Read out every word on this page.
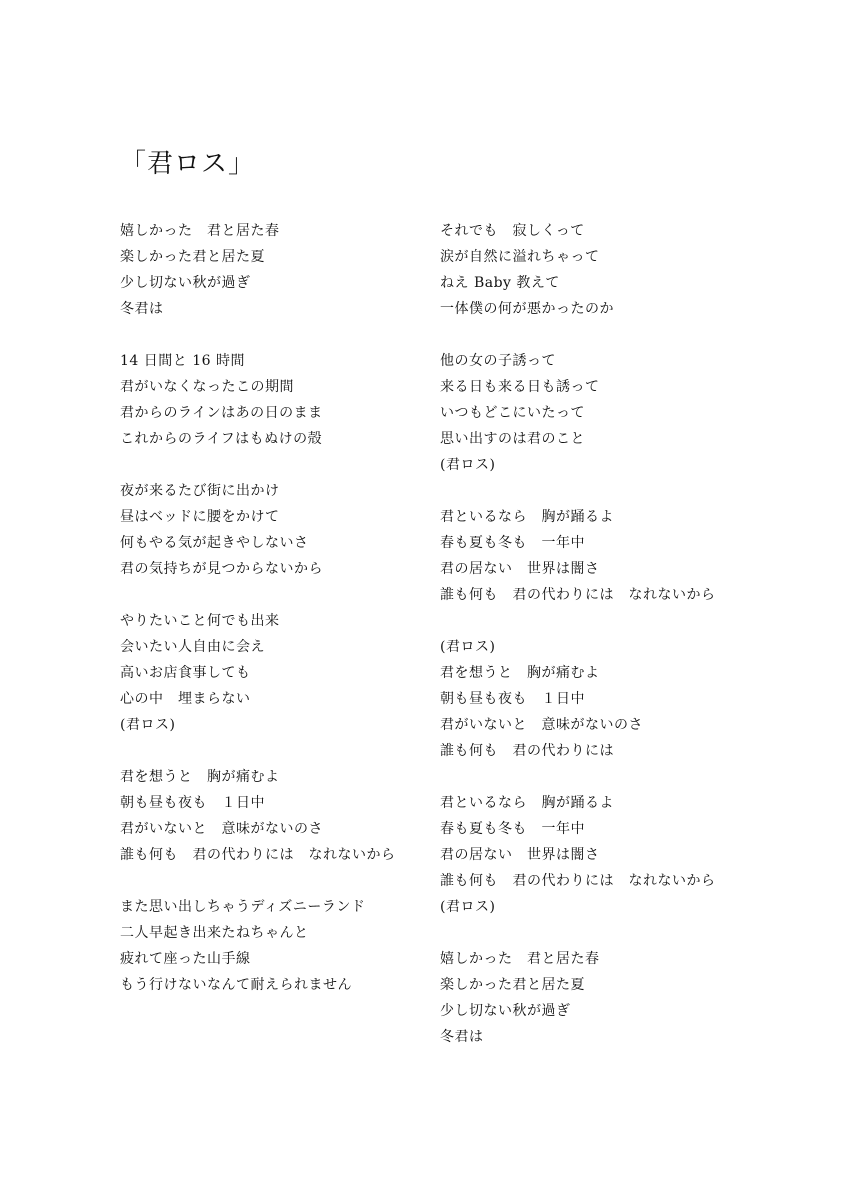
「君ロス」
嬉しかった　君と居た春
楽しかった君と居た夏
少し切ない秋が過ぎ
冬君は
14 日間と 16 時間
君がいなくなったこの期間
君からのラインはあの日のまま
これからのライフはもぬけの殻
夜が来るたび街に出かけ
昼はベッドに腰をかけて
何もやる気が起きやしないさ
君の気持ちが見つからないから
やりたいこと何でも出来
会いたい人自由に会え
高いお店食事しても
心の中　埋まらない
(君ロス)
君を想うと　胸が痛むよ
朝も昼も夜も　１日中
君がいないと　意味がないのさ
誰も何も　君の代わりには　なれないから
また思い出しちゃうディズニーランド
二人早起き出来たねちゃんと
疲れて座った山手線
もう行けないなんて耐えられません
それでも　寂しくって
涙が自然に溢れちゃって
ねえ Baby 教えて
一体僕の何が悪かったのか
他の女の子誘って
来る日も来る日も誘って
いつもどこにいたって
思い出すのは君のこと
(君ロス)
君といるなら　胸が踊るよ
春も夏も冬も　一年中
君の居ない　世界は闇さ
誰も何も　君の代わりには　なれないから
(君ロス)
君を想うと　胸が痛むよ
朝も昼も夜も　１日中
君がいないと　意味がないのさ
誰も何も　君の代わりには
君といるなら　胸が踊るよ
春も夏も冬も　一年中
君の居ない　世界は闇さ
誰も何も　君の代わりには　なれないから
(君ロス)
嬉しかった　君と居た春
楽しかった君と居た夏
少し切ない秋が過ぎ
冬君は
